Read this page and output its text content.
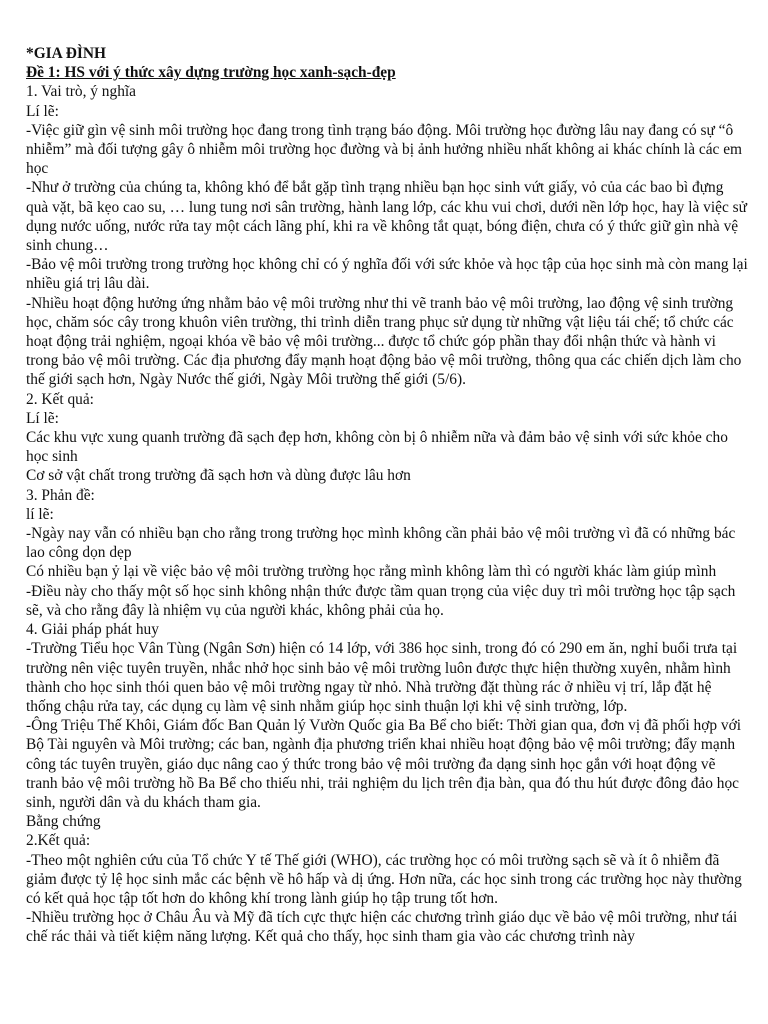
*GIA ĐÌNH

Đề 1: HS với ý thức xây dựng trường học xanh-sạch-đẹp

1. Vai trò, ý nghĩa

Lí lẽ:

-Việc giữ gìn vệ sinh môi trường học đang trong tình trạng báo động. Môi trường học đường lâu nay đang có sự “ô nhiễm” mà đối tượng gây ô nhiễm môi trường học đường và bị ảnh hưởng nhiều nhất không ai khác chính là các em học

-Như ở trường của chúng ta, không khó để bắt gặp tình trạng nhiều bạn học sinh vứt giấy, vỏ của các bao bì đựng quà vặt, bã kẹo cao su, … lung tung nơi sân trường, hành lang lớp, các khu vui chơi, dưới nền lớp học, hay là việc sử dụng nước uống, nước rửa tay một cách lãng phí, khi ra về không tắt quạt, bóng điện, chưa có ý thức giữ gìn nhà vệ sinh chung…

-Bảo vệ môi trường trong trường học không chỉ có ý nghĩa đối với sức khỏe và học tập của học sinh mà còn mang lại nhiều giá trị lâu dài.

-Nhiều hoạt động hưởng ứng nhằm bảo vệ môi trường như thi vẽ tranh bảo vệ môi trường, lao động vệ sinh trường học, chăm sóc cây trong khuôn viên trường, thi trình diễn trang phục sử dụng từ những vật liệu tái chế; tổ chức các hoạt động trải nghiệm, ngoại khóa về bảo vệ môi trường... được tổ chức góp phần thay đổi nhận thức và hành vi trong bảo vệ môi trường. Các địa phương đẩy mạnh hoạt động bảo vệ môi trường, thông qua các chiến dịch làm cho thế giới sạch hơn, Ngày Nước thế giới, Ngày Môi trường thế giới (5/6).

2. Kết quả:

Lí lẽ:

Các khu vực xung quanh trường đã sạch đẹp hơn, không còn bị ô nhiễm nữa và đảm bảo vệ sinh với sức khỏe cho học sinh

Cơ sở vật chất trong trường đã sạch hơn và dùng được lâu hơn

3. Phản đề:

lí lẽ:

-Ngày nay vẫn có nhiều bạn cho rằng trong trường học mình không cần phải bảo vệ môi trường vì đã có những bác lao công dọn dẹp

Có nhiều bạn ỷ lại về việc bảo vệ môi trường trường học rằng mình không làm thì có người khác làm giúp mình

-Điều này cho thấy một số học sinh không nhận thức được tầm quan trọng của việc duy trì môi trường học tập sạch sẽ, và cho rằng đây là nhiệm vụ của người khác, không phải của họ.

4. Giải pháp phát huy

-Trường Tiểu học Vân Tùng (Ngân Sơn) hiện có 14 lớp, với 386 học sinh, trong đó có 290 em ăn, nghỉ buổi trưa tại trường nên việc tuyên truyền, nhắc nhở học sinh bảo vệ môi trường luôn được thực hiện thường xuyên, nhằm hình thành cho học sinh thói quen bảo vệ môi trường ngay từ nhỏ. Nhà trường đặt thùng rác ở nhiều vị trí, lắp đặt hệ thống chậu rửa tay, các dụng cụ làm vệ sinh nhằm giúp học sinh thuận lợi khi vệ sinh trường, lớp.

-Ông Triệu Thế Khôi, Giám đốc Ban Quản lý Vườn Quốc gia Ba Bể cho biết: Thời gian qua, đơn vị đã phối hợp với Bộ Tài nguyên và Môi trường; các ban, ngành địa phương triển khai nhiều hoạt động bảo vệ môi trường; đẩy mạnh công tác tuyên truyền, giáo dục nâng cao ý thức trong bảo vệ môi trường đa dạng sinh học gắn với hoạt động vẽ tranh bảo vệ môi trường hồ Ba Bể cho thiếu nhi, trải nghiệm du lịch trên địa bàn, qua đó thu hút được đông đảo học sinh, người dân và du khách tham gia.

Bằng chứng

2.Kết quả:

-Theo một nghiên cứu của Tổ chức Y tế Thế giới (WHO), các trường học có môi trường sạch sẽ và ít ô nhiễm đã giảm được tỷ lệ học sinh mắc các bệnh về hô hấp và dị ứng. Hơn nữa, các học sinh trong các trường học này thường có kết quả học tập tốt hơn do không khí trong lành giúp họ tập trung tốt hơn.

-Nhiều trường học ở Châu Âu và Mỹ đã tích cực thực hiện các chương trình giáo dục về bảo vệ môi trường, như tái chế rác thải và tiết kiệm năng lượng. Kết quả cho thấy, học sinh tham gia vào các chương trình này
